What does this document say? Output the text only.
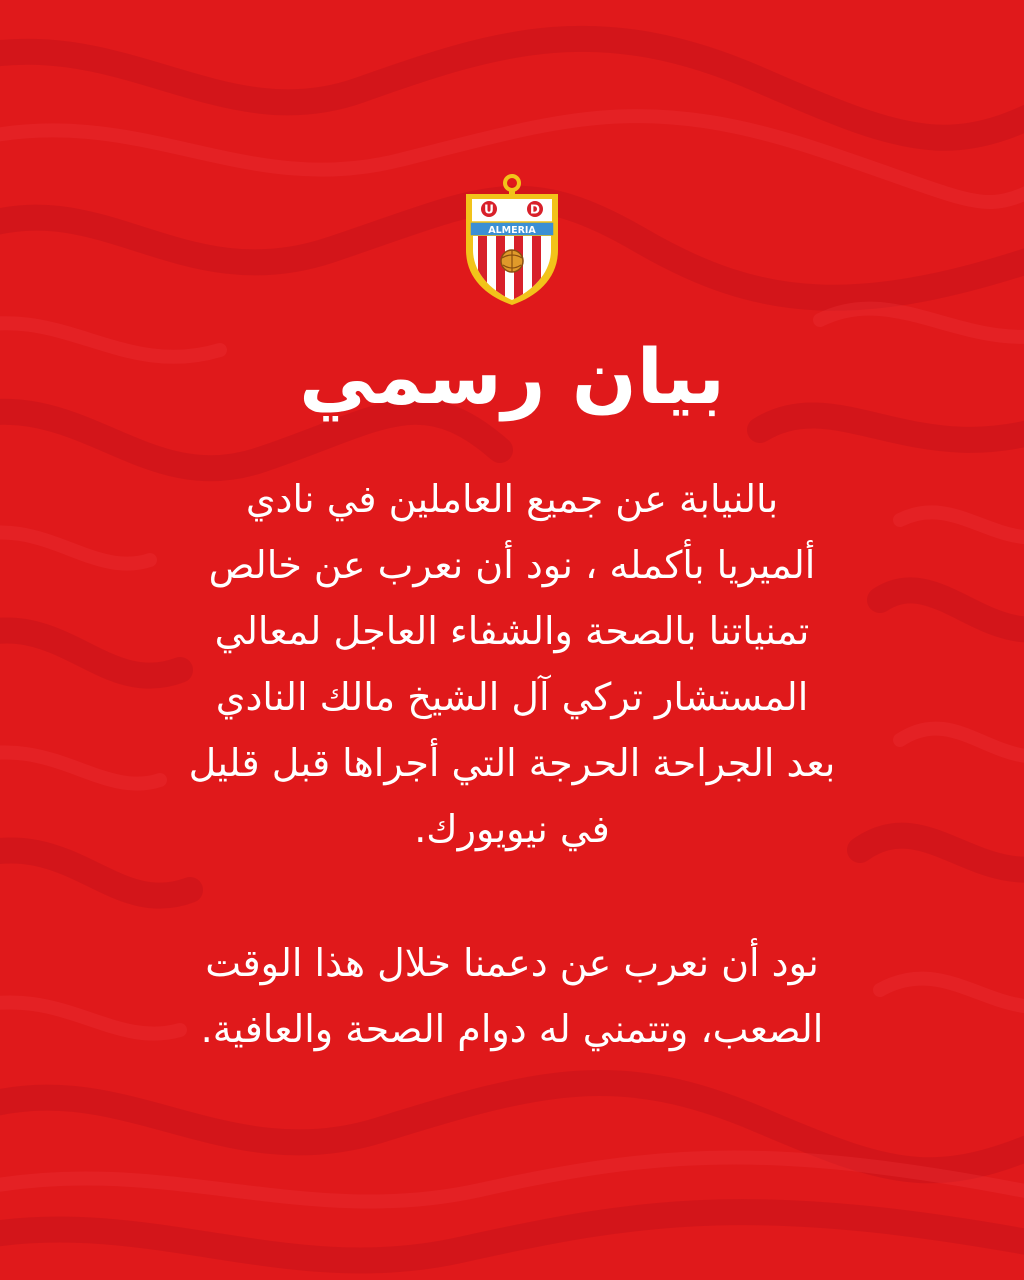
U	D
ALMERIA
بيان رسمي

بالنيابة عن جميع العاملين في نادي
ألميريا بأكمله ، نود أن نعرب عن خالص
تمنياتنا بالصحة والشفاء العاجل لمعالي
المستشار تركي آل الشيخ مالك النادي
بعد الجراحة الحرجة التي أجراها قبل قليل
في نيويورك.

نود أن نعرب عن دعمنا خلال هذا الوقت
الصعب، وتتمني له دوام الصحة والعافية.
